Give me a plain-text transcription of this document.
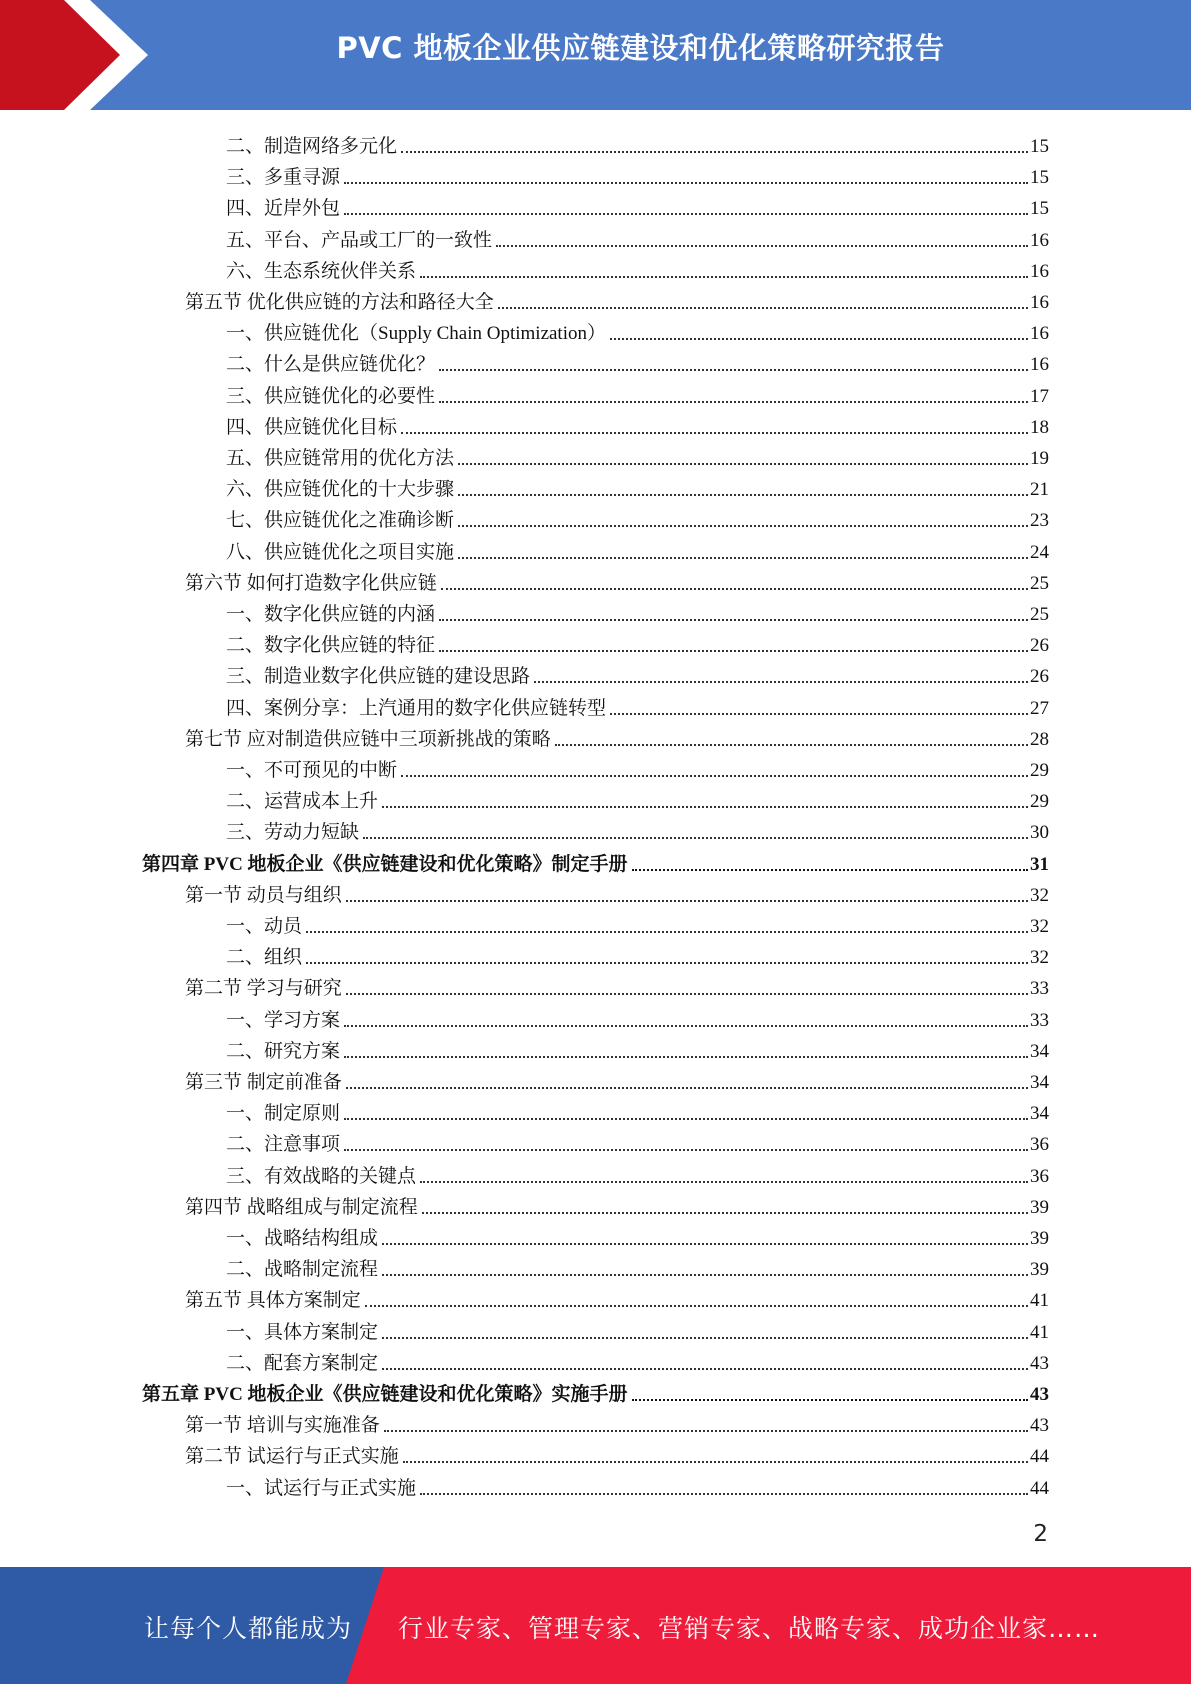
PVC 地板企业供应链建设和优化策略研究报告
二、制造网络多元化	15
三、多重寻源	15
四、近岸外包	15
五、平台、产品或工厂的一致性	16
六、生态系统伙伴关系	16
第五节 优化供应链的方法和路径大全	16
一、供应链优化（Supply Chain Optimization）	16
二、什么是供应链优化？	16
三、供应链优化的必要性	17
四、供应链优化目标	18
五、供应链常用的优化方法	19
六、供应链优化的十大步骤	21
七、供应链优化之准确诊断	23
八、供应链优化之项目实施	24
第六节 如何打造数字化供应链	25
一、数字化供应链的内涵	25
二、数字化供应链的特征	26
三、制造业数字化供应链的建设思路	26
四、案例分享：上汽通用的数字化供应链转型	27
第七节 应对制造供应链中三项新挑战的策略	28
一、不可预见的中断	29
二、运营成本上升	29
三、劳动力短缺	30
第四章 PVC 地板企业《供应链建设和优化策略》制定手册	31
第一节 动员与组织	32
一、动员	32
二、组织	32
第二节 学习与研究	33
一、学习方案	33
二、研究方案	34
第三节 制定前准备	34
一、制定原则	34
二、注意事项	36
三、有效战略的关键点	36
第四节 战略组成与制定流程	39
一、战略结构组成	39
二、战略制定流程	39
第五节 具体方案制定	41
一、具体方案制定	41
二、配套方案制定	43
第五章 PVC 地板企业《供应链建设和优化策略》实施手册	43
第一节 培训与实施准备	43
第二节 试运行与正式实施	44
一、试运行与正式实施	44
2
让每个人都能成为 行业专家、管理专家、营销专家、战略专家、成功企业家……
